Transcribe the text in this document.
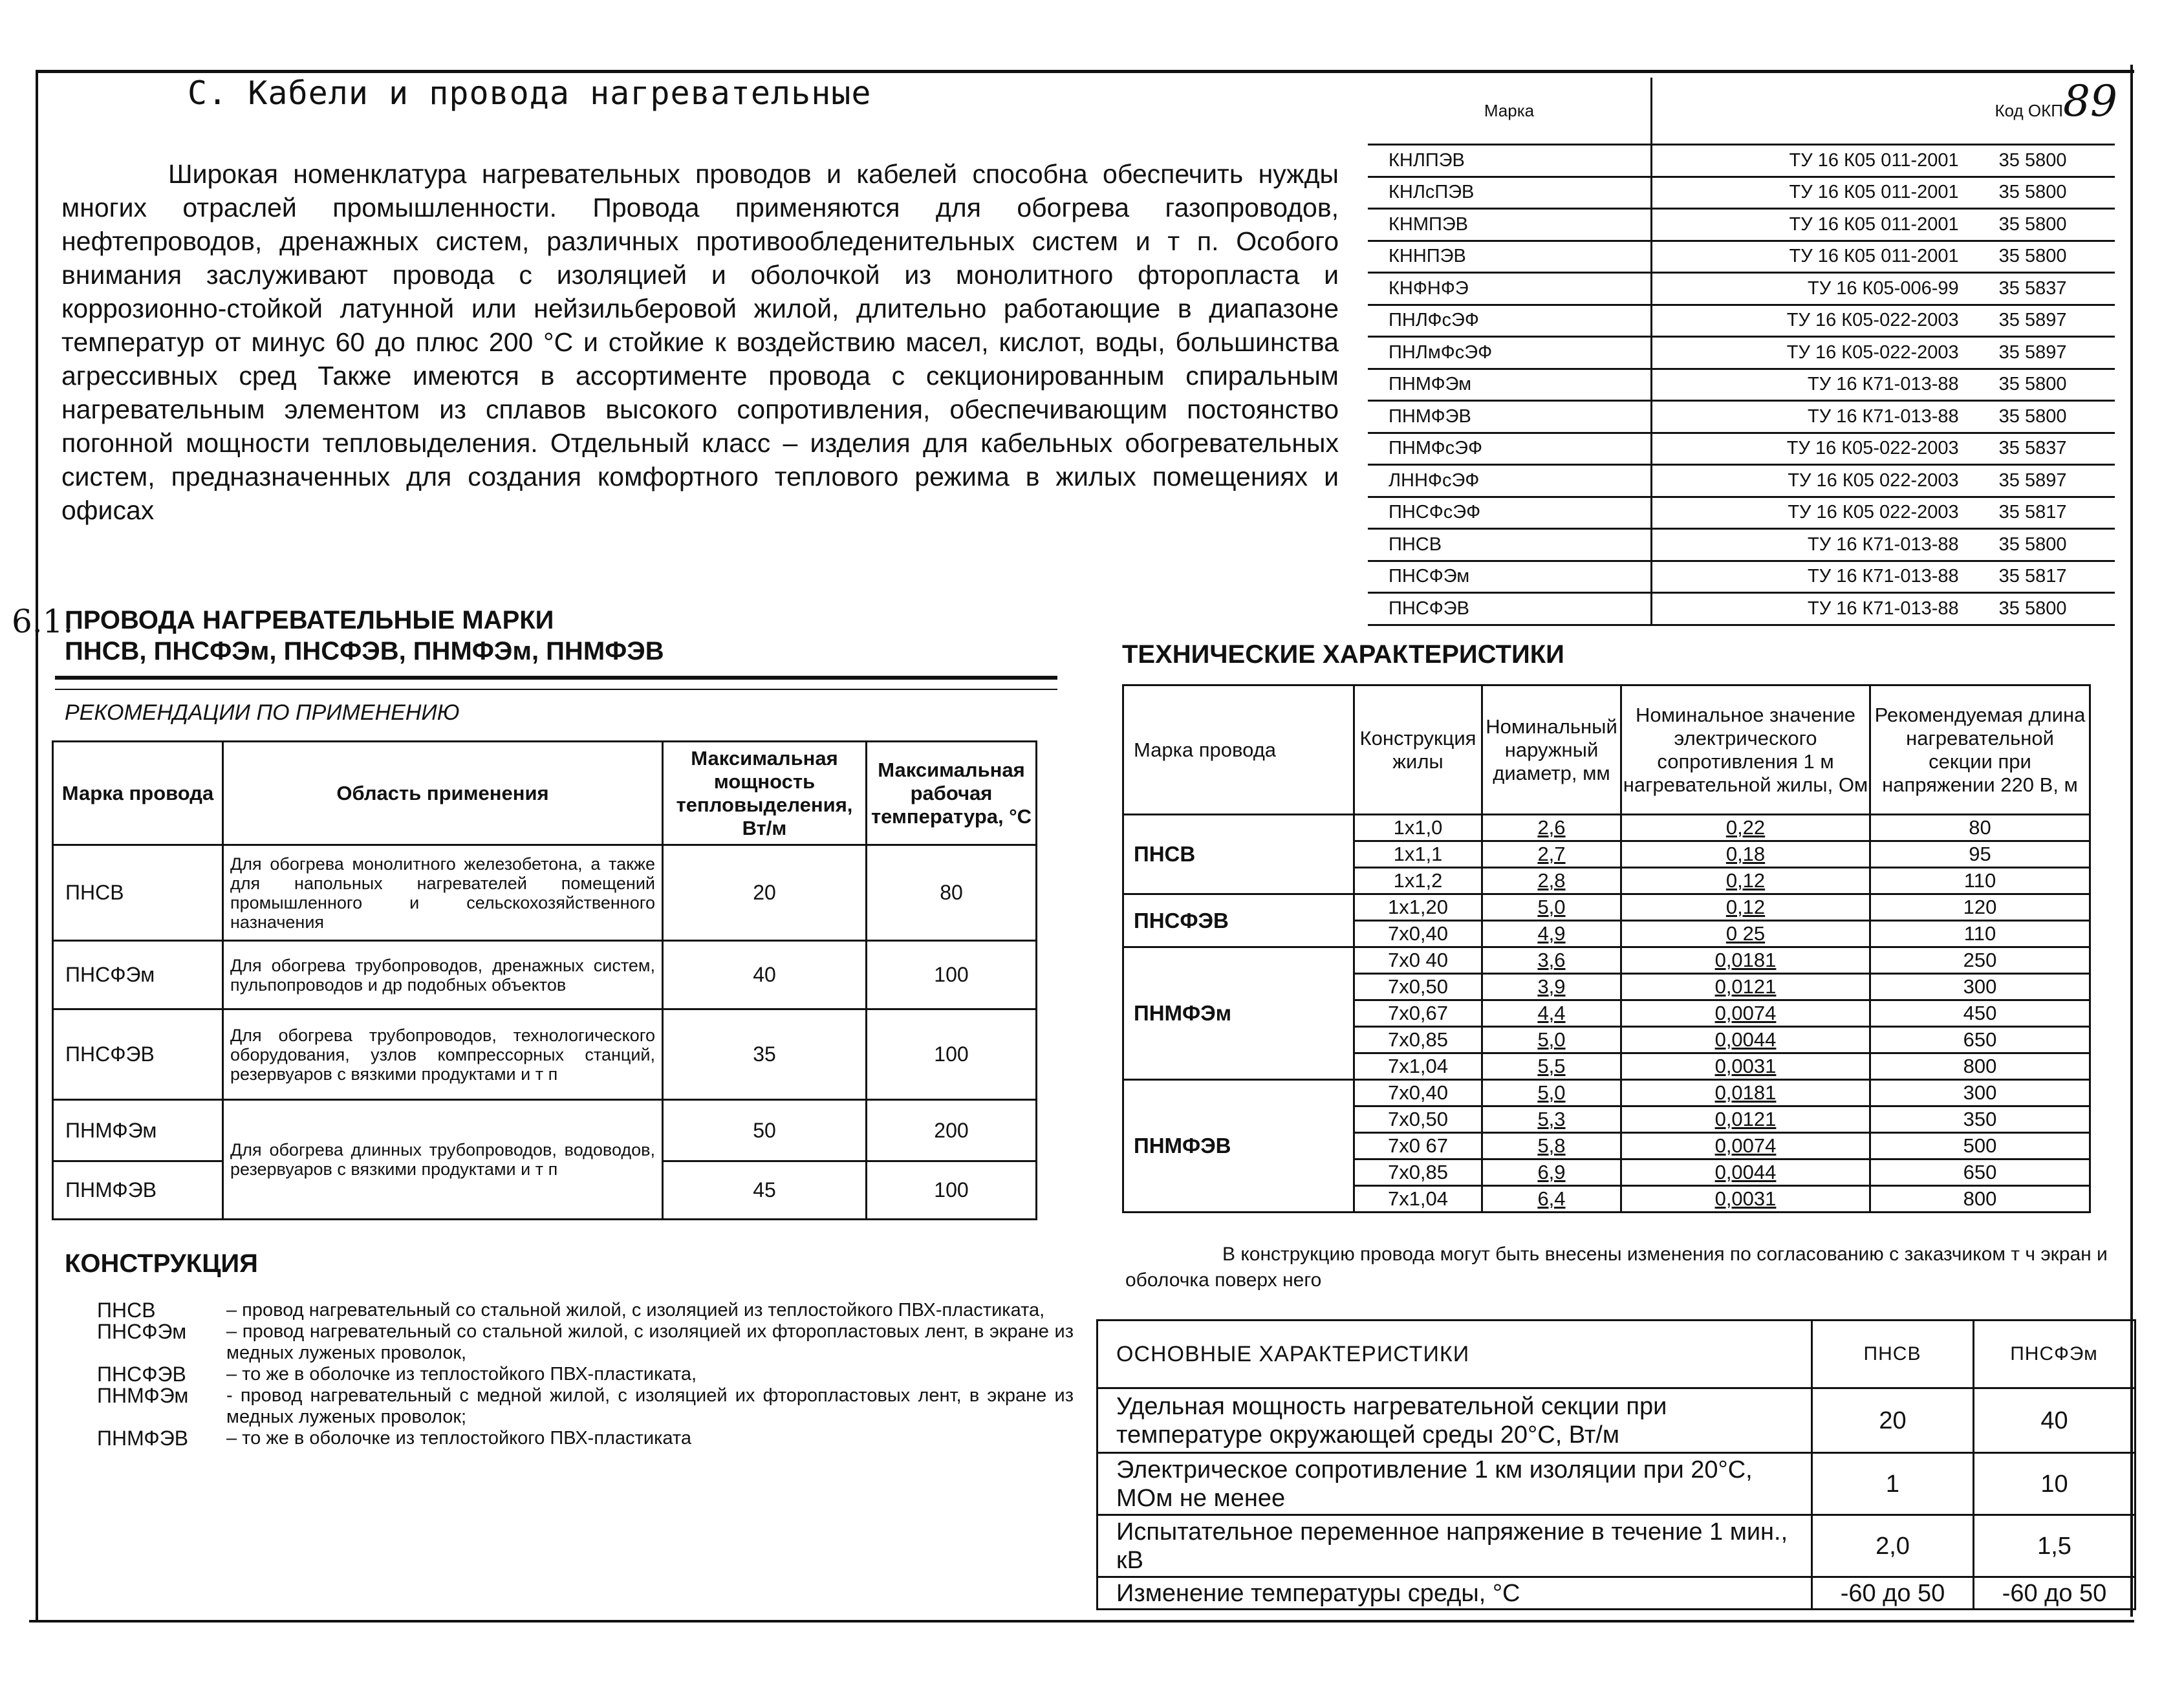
С. Кабели и провода нагревательные	89
Широкая номенклатура нагревательных проводов и кабелей способна обеспечить нужды многих отраслей промышленности. Провода применяются для обогрева газопроводов, нефтепроводов, дренажных систем, различных противообледенительных систем и т п. Особого внимания заслуживают провода с изоляцией и оболочкой из монолитного фторопласта и коррозионно-стойкой латунной или нейзильберовой жилой, длительно работающие в диапазоне температур от минус 60 до плюс 200 °C и стойкие к воздействию масел, кислот, воды, большинства агрессивных сред Также имеются в ассортименте провода с секционированным спиральным нагревательным элементом из сплавов высокого сопротивления, обеспечивающим постоянство погонной мощности тепловыделения. Отдельный класс – изделия для кабельных обогревательных систем, предназначенных для создания комфортного теплового режима в жилых помещениях и офисах
Марка	Код ОКП	
КНЛПЭВ	ТУ 16 К05 011-2001	35 5800
КНЛсПЭВ	ТУ 16 К05 011-2001	35 5800
КНМПЭВ	ТУ 16 К05 011-2001	35 5800
КННПЭВ	ТУ 16 К05 011-2001	35 5800
КНФНФЭ	ТУ 16 К05-006-99	35 5837
ПНЛФсЭФ	ТУ 16 К05-022-2003	35 5897
ПНЛмФсЭФ	ТУ 16 К05-022-2003	35 5897
ПНМФЭм	ТУ 16 К71-013-88	35 5800
ПНМФЭВ	ТУ 16 К71-013-88	35 5800
ПНМФсЭФ	ТУ 16 К05-022-2003	35 5837
ЛННФсЭФ	ТУ 16 К05 022-2003	35 5897
ПНСФсЭФ	ТУ 16 К05 022-2003	35 5817
ПНСВ	ТУ 16 К71-013-88	35 5800
ПНСФЭм	ТУ 16 К71-013-88	35 5817
ПНСФЭВ	ТУ 16 К71-013-88	35 5800
6.1.
ПРОВОДА НАГРЕВАТЕЛЬНЫЕ МАРКИ
ПНСВ, ПНСФЭм, ПНСФЭВ, ПНМФЭм, ПНМФЭВ	ТЕХНИЧЕСКИЕ ХАРАКТЕРИСТИКИ
РЕКОМЕНДАЦИИ ПО ПРИМЕНЕНИЮ
Марка провода	Область применения	Максимальная мощность тепловыделения, Вт/м	Максимальная рабочая температура, °С
ПНСВ	Для обогрева монолитного железобетона, а также для напольных нагревателей помещений промышленного и сельскохозяйственного назначения	20	80
ПНСФЭм	Для обогрева трубопроводов, дренажных систем, пульпопроводов и др подобных объектов	40	100
ПНСФЭВ	Для обогрева трубопроводов, технологического оборудования, узлов компрессорных станций, резервуаров с вязкими продуктами и т п	35	100
ПНМФЭм	Для обогрева длинных трубопроводов, водоводов, резервуаров с вязкими продуктами и т п	50	200
ПНМФЭВ		45	100
Марка провода	Конструкция жилы	Номинальный наружный диаметр, мм	Номинальное значение электрического сопротивления 1 м нагревательной жилы, Ом	Рекомендуемая длина нагревательной секции при напряжении 220 В, м
ПНСВ	1x1,0	2,6	0,22	80
	1x1,1	2,7	0,18	95
	1x1,2	2,8	0,12	110
ПНСФЭВ	1x1,20	5,0	0,12	120
	7x0,40	4,9	0 25	110
ПНМФЭм	7x0 40	3,6	0,0181	250
	7x0,50	3,9	0,0121	300
	7x0,67	4,4	0,0074	450
	7x0,85	5,0	0,0044	650
	7x1,04	5,5	0,0031	800
ПНМФЭВ	7x0,40	5,0	0,0181	300
	7x0,50	5,3	0,0121	350
	7x0 67	5,8	0,0074	500
	7x0,85	6,9	0,0044	650
	7x1,04	6,4	0,0031	800
КОНСТРУКЦИЯ
ПНСВ	– провод нагревательный со стальной жилой, с изоляцией из теплостойкого ПВХ-пластиката,
ПНСФЭм	– провод нагревательный со стальной жилой, с изоляцией их фторопластовых лент, в экране из медных луженых проволок,
ПНСФЭВ	– то же в оболочке из теплостойкого ПВХ-пластиката,
ПНМФЭм	- провод нагревательный с медной жилой, с изоляцией их фторопластовых лент, в экране из медных луженых проволок;
ПНМФЭВ	– то же в оболочке из теплостойкого ПВХ-пластиката
В конструкцию провода могут быть внесены изменения по согласованию с заказчиком т ч экран и оболочка поверх него
ОСНОВНЫЕ ХАРАКТЕРИСТИКИ	ПНСВ	ПНСФЭм
Удельная мощность нагревательной секции при температуре окружающей среды 20°С, Вт/м	20	40
Электрическое сопротивление 1 км изоляции при 20°С, МОм не менее	1	10
Испытательное переменное напряжение в течение 1 мин., кВ	2,0	1,5
Изменение температуры среды, °С	-60 до 50	-60 до 50
